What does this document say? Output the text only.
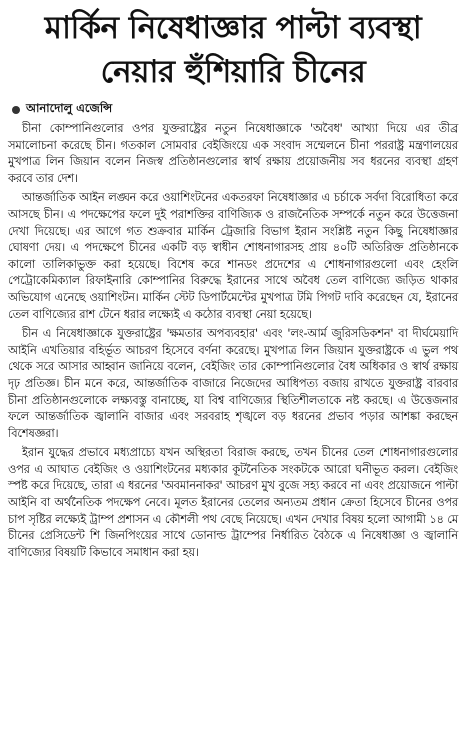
মার্কিন নিষেধাজ্ঞার পাল্টা ব্যবস্থা
নেয়ার হুঁশিয়ারি চীনের
আনাদোলু এজেন্সি

চীনা কোম্পানিগুলোর ওপর যুক্তরাষ্ট্রের নতুন নিষেধাজ্ঞাকে 'অবৈধ' আখ্যা দিয়ে এর তীব্র সমালোচনা করেছে চীন। গতকাল সোমবার বেইজিংয়ে এক সংবাদ সম্মেলনে চীনা পররাষ্ট্র মন্ত্রণালয়ের মুখপাত্র লিন জিয়ান বলেন নিজস্ব প্রতিষ্ঠানগুলোর স্বার্থ রক্ষায় প্রয়োজনীয় সব ধরনের ব্যবস্থা গ্রহণ করবে তার দেশ।

আন্তর্জাতিক আইন লঙ্ঘন করে ওয়াশিংটনের একতরফা নিষেধাজ্ঞার এ চর্চাকে সর্বদা বিরোধিতা করে আসছে চীন। এ পদক্ষেপের ফলে দুই পরাশক্তির বাণিজ্যিক ও রাজনৈতিক সম্পর্কে নতুন করে উত্তেজনা দেখা দিয়েছে। এর আগে গত শুক্রবার মার্কিন ট্রেজারি বিভাগ ইরান সংশ্লিষ্ট নতুন কিছু নিষেধাজ্ঞার ঘোষণা দেয়। এ পদক্ষেপে চীনের একটি বড় স্বাধীন শোধনাগারসহ প্রায় ৪০টি অতিরিক্ত প্রতিষ্ঠানকে কালো তালিকাভুক্ত করা হয়েছে। বিশেষ করে শানডং প্রদেশের এ শোধনাগারগুলো এবং হেংলি পেট্রোকেমিক্যাল রিফাইনারি কোম্পানির বিরুদ্ধে ইরানের সাথে অবৈধ তেল বাণিজ্যে জড়িত থাকার অভিযোগ এনেছে ওয়াশিংটন। মার্কিন স্টেট ডিপার্টমেন্টের মুখপাত্র টমি পিগট দাবি করেছেন যে, ইরানের তেল বাণিজ্যের রাশ টেনে ধরার লক্ষ্যেই এ কঠোর ব্যবস্থা নেয়া হয়েছে।

চীন এ নিষেধাজ্ঞাকে যুক্তরাষ্ট্রের 'ক্ষমতার অপব্যবহার' এবং 'লং-আর্ম জুরিসডিকশন' বা দীর্ঘমেয়াদি আইনি এখতিয়ার বহির্ভূত আচরণ হিসেবে বর্ণনা করেছে। মুখপাত্র লিন জিয়ান যুক্তরাষ্ট্রকে এ ভুল পথ থেকে সরে আসার আহ্বান জানিয়ে বলেন, বেইজিং তার কোম্পানিগুলোর বৈধ অধিকার ও স্বার্থ রক্ষায় দৃঢ় প্রতিজ্ঞ। চীন মনে করে, আন্তর্জাতিক বাজারে নিজেদের আধিপত্য বজায় রাখতে যুক্তরাষ্ট্র বারবার চীনা প্রতিষ্ঠানগুলোকে লক্ষ্যবস্তু বানাচ্ছে, যা বিশ্ব বাণিজ্যের স্থিতিশীলতাকে নষ্ট করছে। এ উত্তেজনার ফলে আন্তর্জাতিক জ্বালানি বাজার এবং সরবরাহ শৃঙ্খলে বড় ধরনের প্রভাব পড়ার আশঙ্কা করছেন বিশেষজ্ঞরা।

ইরান যুদ্ধের প্রভাবে মধ্যপ্রাচ্যে যখন অস্থিরতা বিরাজ করছে, তখন চীনের তেল শোধনাগারগুলোর ওপর এ আঘাত বেইজিং ও ওয়াশিংটনের মধ্যকার কূটনৈতিক সংকটকে আরো ঘনীভূত করল। বেইজিং স্পষ্ট করে দিয়েছে, তারা এ ধরনের 'অবমাননাকর' আচরণ মুখ বুজে সহ্য করবে না এবং প্রয়োজনে পাল্টা আইনি বা অর্থনৈতিক পদক্ষেপ নেবে। মূলত ইরানের তেলের অন্যতম প্রধান ক্রেতা হিসেবে চীনের ওপর চাপ সৃষ্টির লক্ষ্যেই ট্রাম্প প্রশাসন এ কৌশলী পথ বেছে নিয়েছে। এখন দেখার বিষয় হলো আগামী ১৪ মে চীনের প্রেসিডেন্ট শি জিনপিংয়ের সাথে ডোনাল্ড ট্রাম্পের নির্ধারিত বৈঠকে এ নিষেধাজ্ঞা ও জ্বালানি বাণিজ্যের বিষয়টি কিভাবে সমাধান করা হয়।
